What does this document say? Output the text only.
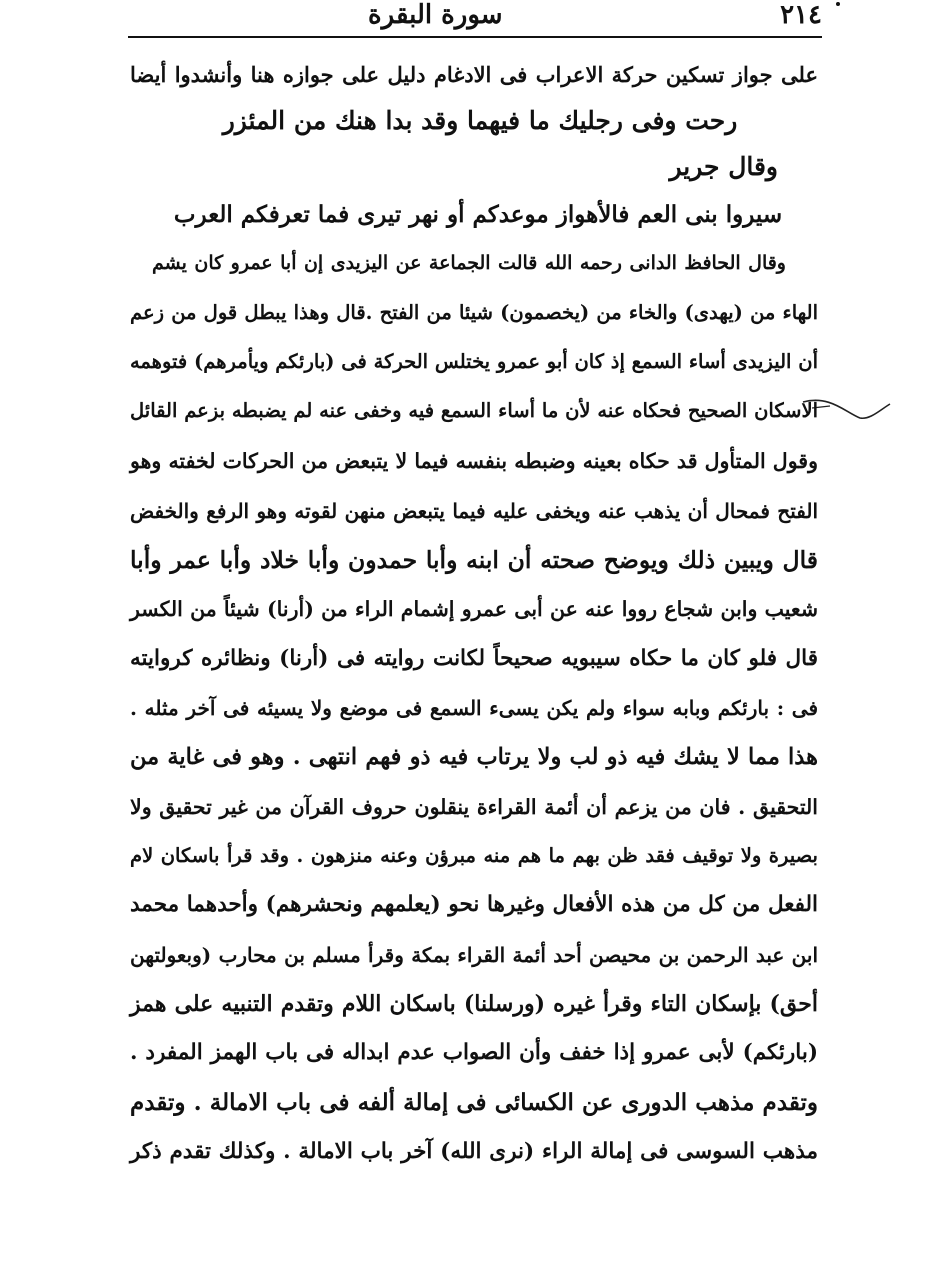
٢١٤
سورة البقرة
على جواز تسكين حركة الاعراب فى الادغام دليل على جوازه هنا وأنشدوا أيضا
رحت وفى رجليك ما فيهما وقد بدا هنك من المئزر
وقال جرير
سيروا بنى العم فالأهواز موعدكم أو نهر تيرى فما تعرفكم العرب
وقال الحافظ الدانى رحمه الله قالت الجماعة عن اليزيدى إن أبا عمرو كان يشم
الهاء من (يهدى) والخاء من (يخصمون) شيئا من الفتح .قال وهذا يبطل قول من زعم
أن اليزيدى أساء السمع إذ كان أبو عمرو يختلس الحركة فى (بارئكم ويأمرهم) فتوهمه
الاسكان الصحيح فحكاه عنه لأن ما أساء السمع فيه وخفى عنه لم يضبطه بزعم القائل
وقول المتأول قد حكاه بعينه وضبطه بنفسه فيما لا يتبعض من الحركات لخفته وهو
الفتح فمحال أن يذهب عنه ويخفى عليه فيما يتبعض منهن لقوته وهو الرفع والخفض
قال ويبين ذلك ويوضح صحته أن ابنه وأبا حمدون وأبا خلاد وأبا عمر وأبا
شعيب وابن شجاع رووا عنه عن أبى عمرو إشمام الراء من (أرنا) شيئاً من الكسر
قال فلو كان ما حكاه سيبويه صحيحاً لكانت روايته فى (أرنا) ونظائره كروايته
فى : بارئكم وبابه سواء ولم يكن يسىء السمع فى موضع ولا يسيئه فى آخر مثله .
هذا مما لا يشك فيه ذو لب ولا يرتاب فيه ذو فهم انتهى . وهو فى غاية من
التحقيق . فان من يزعم أن أئمة القراءة ينقلون حروف القرآن من غير تحقيق ولا
بصيرة ولا توقيف فقد ظن بهم ما هم منه مبرؤن وعنه منزهون . وقد قرأ باسكان لام
الفعل من كل من هذه الأفعال وغيرها نحو (يعلمهم ونحشرهم) وأحدهما محمد
ابن عبد الرحمن بن محيصن أحد أئمة القراء بمكة وقرأ مسلم بن محارب (وبعولتهن
أحق) بإسكان التاء وقرأ غيره (ورسلنا) باسكان اللام وتقدم التنبيه على همز
(بارئكم) لأبى عمرو إذا خفف وأن الصواب عدم ابداله فى باب الهمز المفرد .
وتقدم مذهب الدورى عن الكسائى فى إمالة ألفه فى باب الامالة . وتقدم
مذهب السوسى فى إمالة الراء (نرى الله) آخر باب الامالة . وكذلك تقدم ذكر
